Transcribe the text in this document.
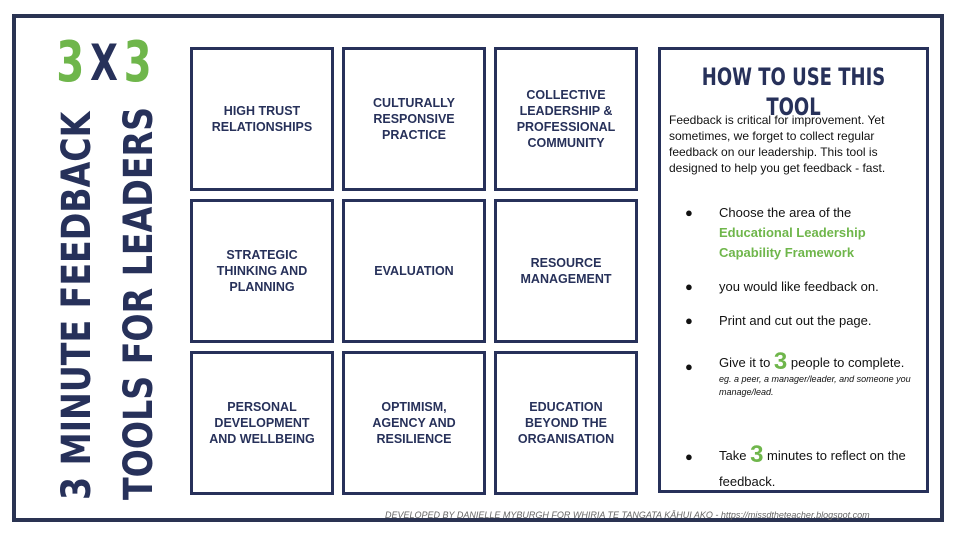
3 X 3
3 MINUTE FEEDBACK TOOLS FOR LEADERS	HIGH TRUST RELATIONSHIPS
CULTURALLY RESPONSIVE PRACTICE
COLLECTIVE LEADERSHIP & PROFESSIONAL COMMUNITY
STRATEGIC THINKING AND PLANNING
EVALUATION
RESOURCE MANAGEMENT
PERSONAL DEVELOPMENT AND WELLBEING
OPTIMISM, AGENCY AND RESILIENCE
EDUCATION BEYOND THE ORGANISATION
HOW TO USE THIS TOOL
Feedback is critical for improvement. Yet sometimes, we forget to collect regular feedback on our leadership. This tool is designed to help you get feedback - fast.
● Choose the area of the
Educational Leadership Capability Framework
● you would like feedback on.
● Print and cut out the page.
● Give it to 3 people to complete.
eg. a peer, a manager/leader, and someone you manage/lead.
● Take 3 minutes to reflect on the feedback.
DEVELOPED BY DANIELLE MYBURGH FOR WHIRIA TE TANGATA KĀHUI AKO - https://missdtheteacher.blogspot.com
